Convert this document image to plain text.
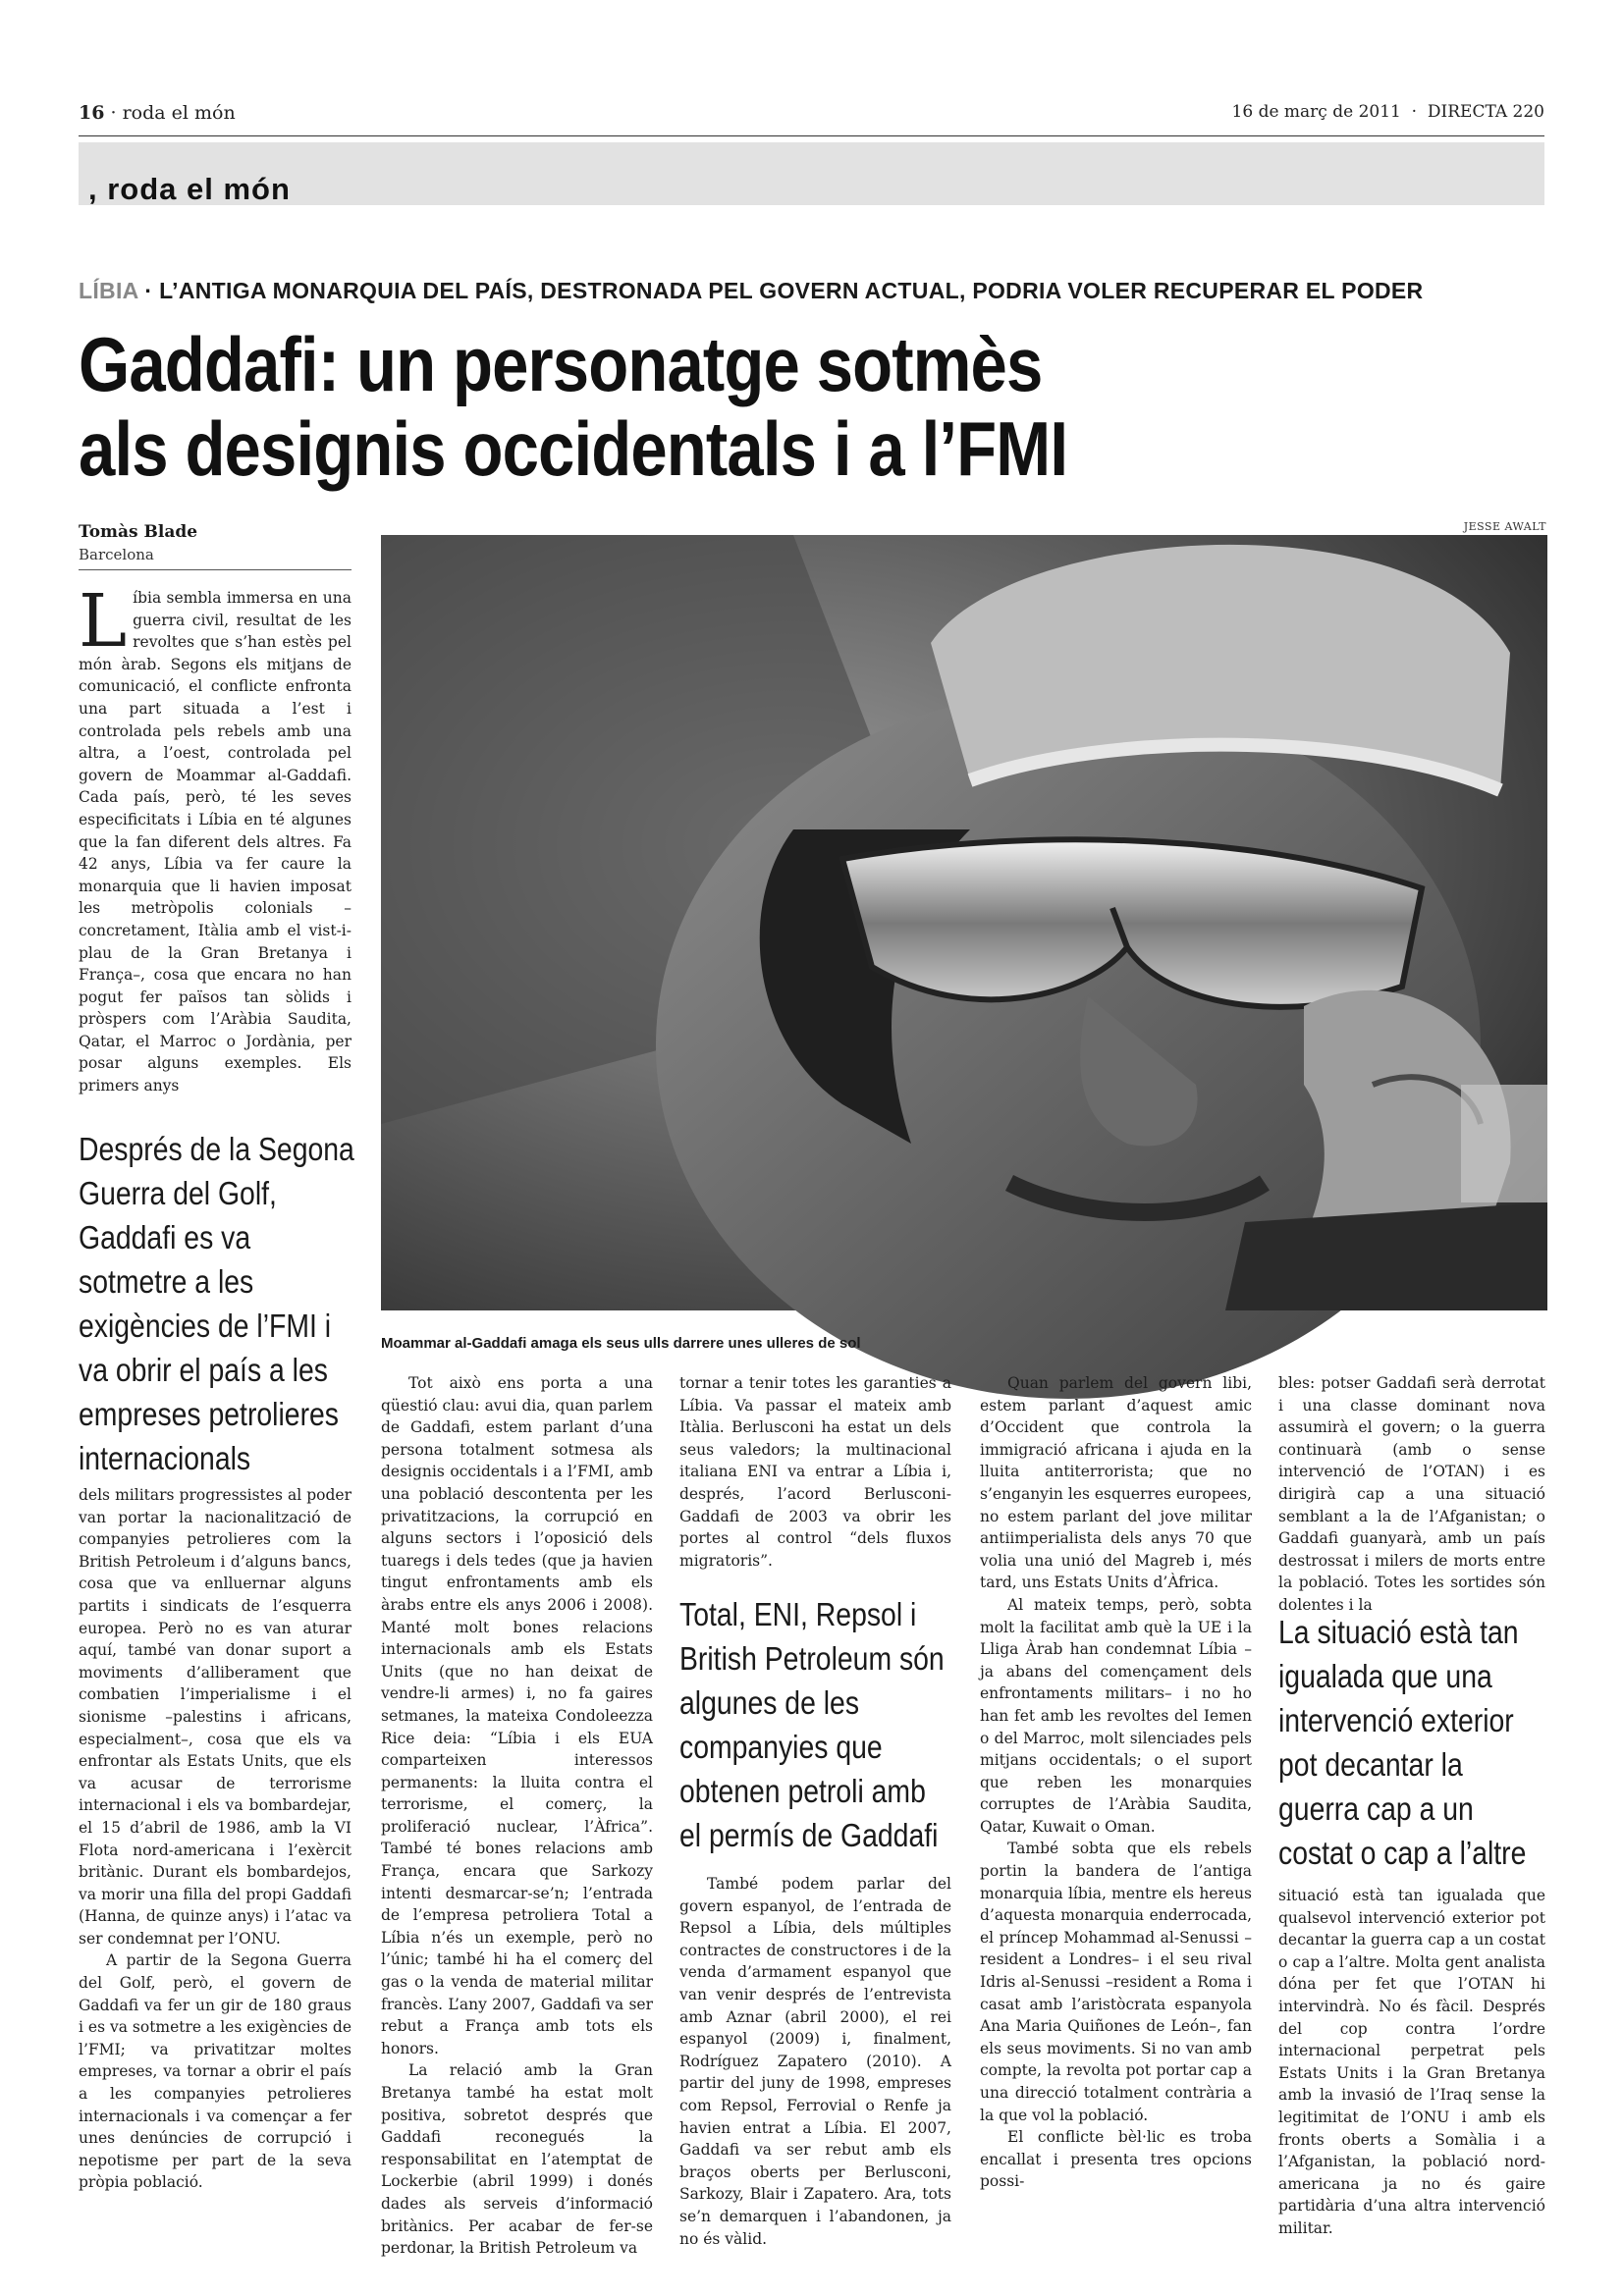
16 · roda el món	16 de març de 2011  ·  DIRECTA 220
, roda el món
LÍBIA · L’ANTIGA MONARQUIA DEL PAÍS, DESTRONADA PEL GOVERN ACTUAL, PODRIA VOLER RECUPERAR EL PODER
Gaddafi: un personatge sotmès
als designis occidentals i a l’FMI
Tomàs Blade
Barcelona
JESSE AWALT
Moammar al-Gaddafi amaga els seus ulls darrere unes ulleres de sol

Líbia sembla immersa en una guerra civil, resultat de les revoltes que s’han estès pel món àrab. Segons els mitjans de comunicació, el conflicte enfronta una part situada a l’est i controlada pels rebels amb una altra, a l’oest, controlada pel govern de Moammar al-Gaddafi. Cada país, però, té les seves especificitats i Líbia en té algunes que la fan diferent dels altres. Fa 42 anys, Líbia va fer caure la monarquia que li havien imposat les metròpolis colonials –concretament, Itàlia amb el vist-i-plau de la Gran Bretanya i França–, cosa que encara no han pogut fer països tan sòlids i pròspers com l’Aràbia Saudita, Qatar, el Marroc o Jordània, per posar alguns exemples. Els primers anys

Després de la Segona Guerra del Golf, Gaddafi es va sotmetre a les exigències de l’FMI i va obrir el país a les empreses petrolieres internacionals

dels militars progressistes al poder van portar la nacionalització de companyies petrolieres com la British Petroleum i d’alguns bancs, cosa que va enlluernar alguns partits i sindicats de l’esquerra europea. Però no es van aturar aquí, també van donar suport a moviments d’alliberament que combatien l’imperialisme i el sionisme –palestins i africans, especialment–, cosa que els va enfrontar als Estats Units, que els va acusar de terrorisme internacional i els va bombardejar, el 15 d’abril de 1986, amb la VI Flota nord-americana i l’exèrcit britànic. Durant els bombardejos, va morir una filla del propi Gaddafi (Hanna, de quinze anys) i l’atac va ser condemnat per l’ONU.

A partir de la Segona Guerra del Golf, però, el govern de Gaddafi va fer un gir de 180 graus i es va sotmetre a les exigències de l’FMI; va privatitzar moltes empreses, va tornar a obrir el país a les companyies petrolieres internacionals i va començar a fer unes denúncies de corrupció i nepotisme per part de la seva pròpia població.

Tot això ens porta a una qüestió clau: avui dia, quan parlem de Gaddafi, estem parlant d’una persona totalment sotmesa als designis occidentals i a l’FMI, amb una població descontenta per les privatitzacions, la corrupció en alguns sectors i l’oposició dels tuaregs i dels tedes (que ja havien tingut enfrontaments amb els àrabs entre els anys 2006 i 2008). Manté molt bones relacions internacionals amb els Estats Units (que no han deixat de vendre-li armes) i, no fa gaires setmanes, la mateixa Condoleezza Rice deia: “Líbia i els EUA comparteixen interessos permanents: la lluita contra el terrorisme, el comerç, la proliferació nuclear, l’Àfrica”. També té bones relacions amb França, encara que Sarkozy intenti desmarcar-se’n; l’entrada de l’empresa petroliera Total a Líbia n’és un exemple, però no l’únic; també hi ha el comerç del gas o la venda de material militar francès. L’any 2007, Gaddafi va ser rebut a França amb tots els honors.

La relació amb la Gran Bretanya també ha estat molt positiva, sobretot després que Gaddafi reconegués la responsabilitat en l’atemptat de Lockerbie (abril 1999) i donés dades als serveis d’informació britànics. Per acabar de fer-se perdonar, la British Petroleum va

tornar a tenir totes les garanties a Líbia. Va passar el mateix amb Itàlia. Berlusconi ha estat un dels seus valedors; la multinacional italiana ENI va entrar a Líbia i, després, l’acord Berlusconi-Gaddafi de 2003 va obrir les portes al control “dels fluxos migratoris”.

Total, ENI, Repsol i British Petroleum són algunes de les companyies que obtenen petroli amb el permís de Gaddafi

També podem parlar del govern espanyol, de l’entrada de Repsol a Líbia, dels múltiples contractes de constructores i de la venda d’armament espanyol que van venir després de l’entrevista amb Aznar (abril 2000), el rei espanyol (2009) i, finalment, Rodríguez Zapatero (2010). A partir del juny de 1998, empreses com Repsol, Ferrovial o Renfe ja havien entrat a Líbia. El 2007, Gaddafi va ser rebut amb els braços oberts per Berlusconi, Sarkozy, Blair i Zapatero. Ara, tots se’n demarquen i l’abandonen, ja no és vàlid.

Quan parlem del govern libi, estem parlant d’aquest amic d’Occident que controla la immigració africana i ajuda en la lluita antiterrorista; que no s’enganyin les esquerres europees, no estem parlant del jove militar antiimperialista dels anys 70 que volia una unió del Magreb i, més tard, uns Estats Units d’Àfrica.

Al mateix temps, però, sobta molt la facilitat amb què la UE i la Lliga Àrab han condemnat Líbia –ja abans del començament dels enfrontaments militars– i no ho han fet amb les revoltes del Iemen o del Marroc, molt silenciades pels mitjans occidentals; o el suport que reben les monarquies corruptes de l’Aràbia Saudita, Qatar, Kuwait o Oman.

També sobta que els rebels portin la bandera de l’antiga monarquia líbia, mentre els hereus d’aquesta monarquia enderrocada, el príncep Mohammad al-Senussi –resident a Londres– i el seu rival Idris al-Senussi –resident a Roma i casat amb l’aristòcrata espanyola Ana Maria Quiñones de León–, fan els seus moviments. Si no van amb compte, la revolta pot portar cap a una direcció totalment contrària a la que vol la població.

El conflicte bèl·lic es troba encallat i presenta tres opcions possi-

bles: potser Gaddafi serà derrotat i una classe dominant nova assumirà el govern; o la guerra continuarà (amb o sense intervenció de l’OTAN) i es dirigirà cap a una situació semblant a la de l’Afganistan; o Gaddafi guanyarà, amb un país destrossat i milers de morts entre la població. Totes les sortides són dolentes i la

La situació està tan igualada que una intervenció exterior pot decantar la guerra cap a un costat o cap a l’altre

situació està tan igualada que qualsevol intervenció exterior pot decantar la guerra cap a un costat o cap a l’altre. Molta gent analista dóna per fet que l’OTAN hi intervindrà. No és fàcil. Després del cop contra l’ordre internacional perpetrat pels Estats Units i la Gran Bretanya amb la invasió de l’Iraq sense la legitimitat de l’ONU i amb els fronts oberts a Somàlia i a l’Afganistan, la població nord-americana ja no és gaire partidària d’una altra intervenció militar.
